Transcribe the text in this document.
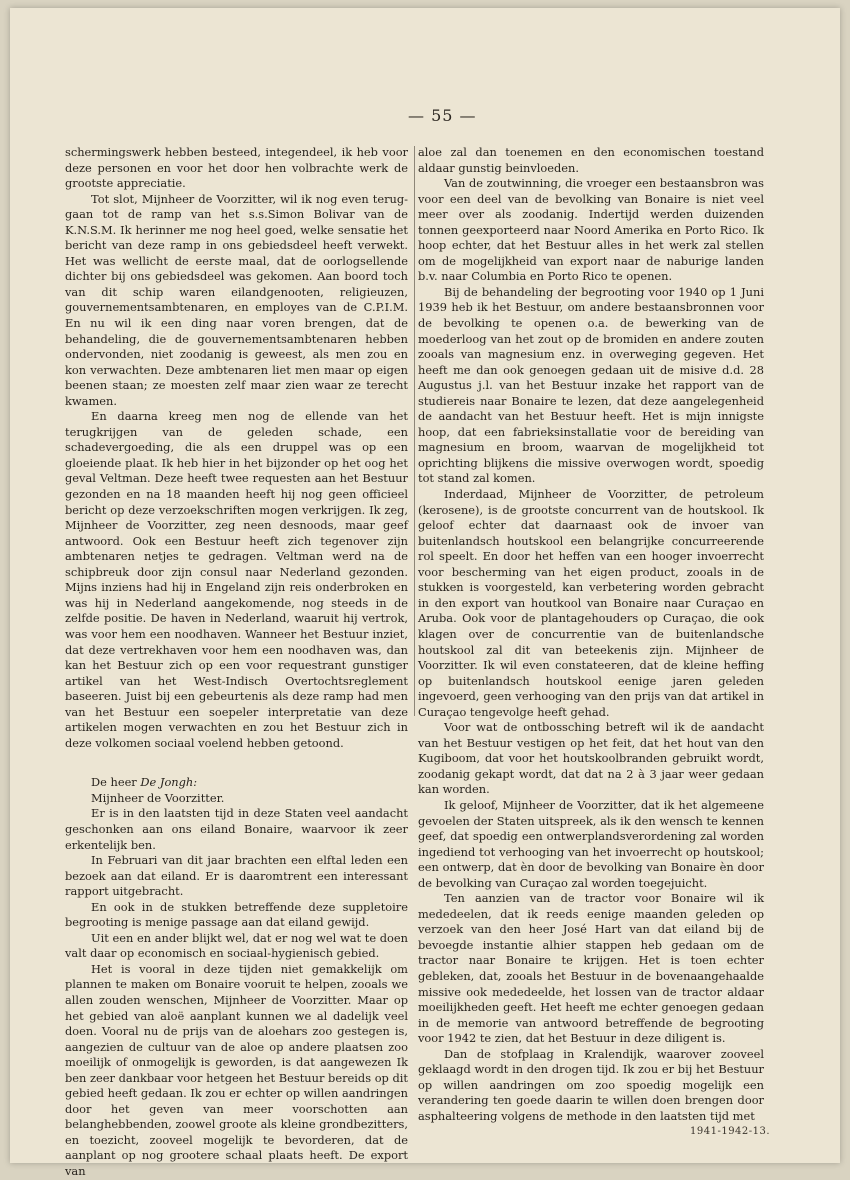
— 55 —

schermingswerk hebben besteed, integendeel, ik heb voor deze personen en voor het door hen volbrachte werk de grootste appreciatie.

Tot slot, Mijnheer de Voorzitter, wil ik nog even teruggaan tot de ramp van het s.s.Simon Bolivar van de K.N.S.M. Ik herinner me nog heel goed, welke sensatie het bericht van deze ramp in ons gebiedsdeel heeft verwekt. Het was wellicht de eerste maal, dat de oorlogsellende dichter bij ons gebiedsdeel was gekomen. Aan boord toch van dit schip waren eilandgenooten, religieuzen, gouvernementsambtenaren, en employes van de C.P.I.M. En nu wil ik een ding naar voren brengen, dat de behandeling, die de gouvernementsambtenaren hebben ondervonden, niet zoodanig is geweest, als men zou en kon verwachten. Deze ambtenaren liet men maar op eigen beenen staan; ze moesten zelf maar zien waar ze terecht kwamen.

En daarna kreeg men nog de ellende van het terugkrijgen van de geleden schade, een schadevergoeding, die als een druppel was op een gloeiende plaat. Ik heb hier in het bijzonder op het oog het geval Veltman. Deze heeft twee requesten aan het Bestuur gezonden en na 18 maanden heeft hij nog geen officieel bericht op deze verzoekschriften mogen verkrijgen. Ik zeg, Mijnheer de Voorzitter, zeg neen desnoods, maar geef antwoord. Ook een Bestuur heeft zich tegenover zijn ambtenaren netjes te gedragen. Veltman werd na de schipbreuk door zijn consul naar Nederland gezonden. Mijns inziens had hij in Engeland zijn reis onderbroken en was hij in Nederland aangekomende, nog steeds in de zelfde positie. De haven in Nederland, waaruit hij vertrok, was voor hem een noodhaven. Wanneer het Bestuur inziet, dat deze vertrekhaven voor hem een noodhaven was, dan kan het Bestuur zich op een voor requestrant gunstiger artikel van het West-Indisch Overtochtsreglement baseeren. Juist bij een gebeurtenis als deze ramp had men van het Bestuur een soepeler interpretatie van deze artikelen mogen verwachten en zou het Bestuur zich in deze volkomen sociaal voelend hebben getoond.

De heer De Jongh:

Mijnheer de Voorzitter.

Er is in den laatsten tijd in deze Staten veel aandacht geschonken aan ons eiland Bonaire, waarvoor ik zeer erkentelijk ben.

In Februari van dit jaar brachten een elftal leden een bezoek aan dat eiland. Er is daaromtrent een interessant rapport uitgebracht.

En ook in de stukken betreffende deze suppletoire begrooting is menige passage aan dat eiland gewijd.

Uit een en ander blijkt wel, dat er nog wel wat te doen valt daar op economisch en sociaal-hygienisch gebied.

Het is vooral in deze tijden niet gemakkelijk om plannen te maken om Bonaire vooruit te helpen, zooals we allen zouden wenschen, Mijnheer de Voorzitter. Maar op het gebied van aloë aanplant kunnen we al dadelijk veel doen. Vooral nu de prijs van de aloehars zoo gestegen is, aangezien de cultuur van de aloe op andere plaatsen zoo moeilijk of onmogelijk is geworden, is dat aangewezen Ik ben zeer dankbaar voor hetgeen het Bestuur bereids op dit gebied heeft gedaan. Ik zou er echter op willen aandringen door het geven van meer voorschotten aan belanghebbenden, zoowel groote als kleine grondbezitters, en toezicht, zooveel mogelijk te bevorderen, dat de aanplant op nog grootere schaal plaats heeft. De export van

aloe zal dan toenemen en den economischen toestand aldaar gunstig beinvloeden.

Van de zoutwinning, die vroeger een bestaansbron was voor een deel van de bevolking van Bonaire is niet veel meer over als zoodanig. Indertijd werden duizenden tonnen geexporteerd naar Noord Amerika en Porto Rico. Ik hoop echter, dat het Bestuur alles in het werk zal stellen om de mogelijkheid van export naar de naburige landen b.v. naar Columbia en Porto Rico te openen.

Bij de behandeling der begrooting voor 1940 op 1 Juni 1939 heb ik het Bestuur, om andere bestaansbronnen voor de bevolking te openen o.a. de bewerking van de moederloog van het zout op de bromiden en andere zouten zooals van magnesium enz. in overweging gegeven. Het heeft me dan ook genoegen gedaan uit de misive d.d. 28 Augustus j.l. van het Bestuur inzake het rapport van de studiereis naar Bonaire te lezen, dat deze aangelegenheid de aandacht van het Bestuur heeft. Het is mijn innigste hoop, dat een fabrieksinstallatie voor de bereiding van magnesium en broom, waarvan de mogelijkheid tot oprichting blijkens die missive overwogen wordt, spoedig tot stand zal komen.

Inderdaad, Mijnheer de Voorzitter, de petroleum (kerosene), is de grootste concurrent van de houtskool. Ik geloof echter dat daarnaast ook de invoer van buitenlandsch houtskool een belangrijke concurreerende rol speelt. En door het heffen van een hooger invoerrecht voor bescherming van het eigen product, zooals in de stukken is voorgesteld, kan verbetering worden gebracht in den export van houtkool van Bonaire naar Curaçao en Aruba. Ook voor de plantagehouders op Curaçao, die ook klagen over de concurrentie van de buitenlandsche houtskool zal dit van beteekenis zijn. Mijnheer de Voorzitter. Ik wil even constateeren, dat de kleine heffing op buitenlandsch houtskool eenige jaren geleden ingevoerd, geen verhooging van den prijs van dat artikel in Curaçao tengevolge heeft gehad.

Voor wat de ontbossching betreft wil ik de aandacht van het Bestuur vestigen op het feit, dat het hout van den Kugiboom, dat voor het houtskoolbranden gebruikt wordt, zoodanig gekapt wordt, dat dat na 2 à 3 jaar weer gedaan kan worden.

Ik geloof, Mijnheer de Voorzitter, dat ik het algemeene gevoelen der Staten uitspreek, als ik den wensch te kennen geef, dat spoedig een ontwerplandsverordening zal worden ingediend tot verhooging van het invoerrecht op houtskool; een ontwerp, dat èn door de bevolking van Bonaire èn door de bevolking van Curaçao zal worden toegejuicht.

Ten aanzien van de tractor voor Bonaire wil ik mededeelen, dat ik reeds eenige maanden geleden op verzoek van den heer José Hart van dat eiland bij de bevoegde instantie alhier stappen heb gedaan om de tractor naar Bonaire te krijgen. Het is toen echter gebleken, dat, zooals het Bestuur in de bovenaangehaalde missive ook mededeelde, het lossen van de tractor aldaar moeilijkheden geeft. Het heeft me echter genoegen gedaan in de memorie van antwoord betreffende de begrooting voor 1942 te zien, dat het Bestuur in deze diligent is.

Dan de stofplaag in Kralendijk, waarover zooveel geklaagd wordt in den drogen tijd. Ik zou er bij het Bestuur op willen aandringen om zoo spoedig mogelijk een verandering ten goede daarin te willen doen brengen door asphalteering volgens de methode in den laatsten tijd met

1941-1942-13.
